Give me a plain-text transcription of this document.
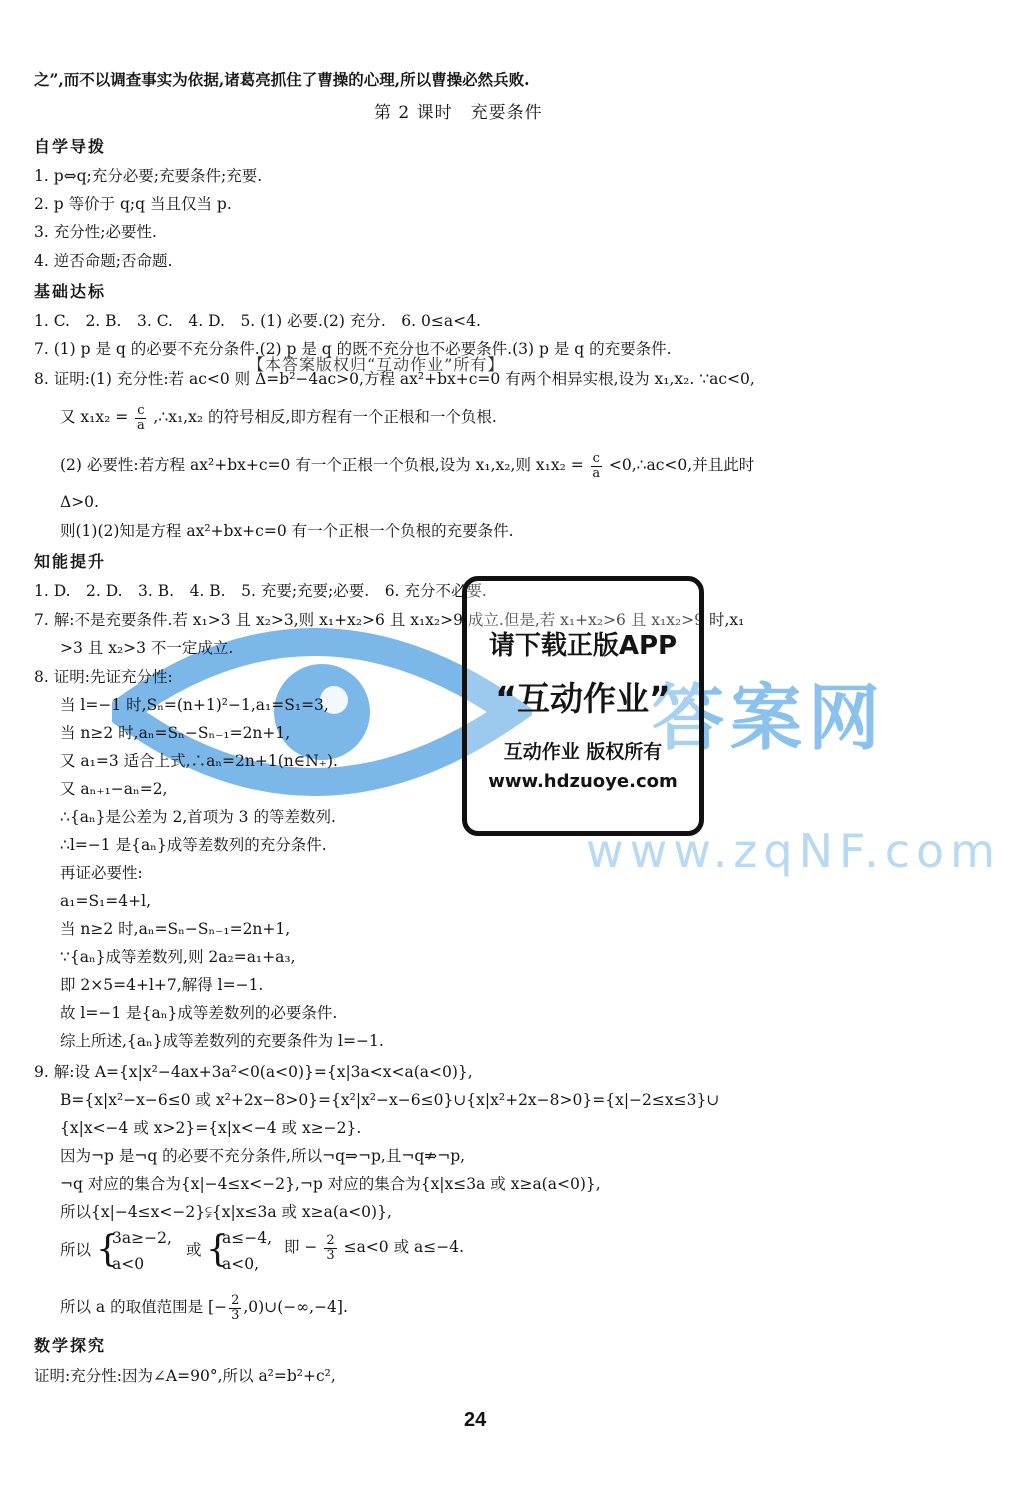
答案网
www.zqNF.com
之”,而不以调查事实为依据,诸葛亮抓住了曹操的心理,所以曹操必然兵败.
第 2 课时　充要条件
自学导拨
1. p⇔q;充分必要;充要条件;充要.
2. p 等价于 q;q 当且仅当 p.
3. 充分性;必要性.
4. 逆否命题;否命题.
基础达标
1. C.　2. B.　3. C.　4. D.　5. (1) 必要.(2) 充分.　6. 0≤a<4.
7. (1) p 是 q 的必要不充分条件.(2) p 是 q 的既不充分也不必要条件.(3) p 是 q 的充要条件.
【本答案版权归“互动作业”所有】
8. 证明:(1) 充分性:若 ac<0 则 Δ=b²−4ac>0,方程 ax²+bx+c=0 有两个相异实根,设为 x₁,x₂. ∵ac<0,
又 $x_1x_2 = \frac{c}{a}$ ,∴x₁,x₂ 的符号相反,即方程有一个正根和一个负根.
(2) 必要性:若方程 ax²+bx+c=0 有一个正根一个负根,设为 x₁,x₂,则 $x_1x_2 = \frac{c}{a}$ <0,∴ac<0,并且此时
Δ>0.
则(1)(2)知是方程 ax²+bx+c=0 有一个正根一个负根的充要条件.
知能提升
1. D.　2. D.　3. B.　4. B.　5. 充要;充要;必要.　6. 充分不必要.
7. 解:不是充要条件.若 x₁>3 且 x₂>3,则 x₁+x₂>6 且 x₁x₂>9 成立.但是,若 x₁+x₂>6 且 x₁x₂>9 时,x₁
>3 且 x₂>3 不一定成立.
8. 证明:先证充分性:
当 l=−1 时,Sₙ=(n+1)²−1,a₁=S₁=3,
当 n≥2 时,aₙ=Sₙ−Sₙ₋₁=2n+1,
又 a₁=3 适合上式,∴aₙ=2n+1(n∈N₊).
又 aₙ₊₁−aₙ=2,
∴{aₙ}是公差为 2,首项为 3 的等差数列.
∴l=−1 是{aₙ}成等差数列的充分条件.
再证必要性:
a₁=S₁=4+l,
当 n≥2 时,aₙ=Sₙ−Sₙ₋₁=2n+1,
∵{aₙ}成等差数列,则 2a₂=a₁+a₃,
即 2×5=4+l+7,解得 l=−1.
故 l=−1 是{aₙ}成等差数列的必要条件.
综上所述,{aₙ}成等差数列的充要条件为 l=−1.
9. 解:设 A={x|x²−4ax+3a²<0(a<0)}={x|3a<x<a(a<0)},
B={x|x²−x−6≤0 或 x²+2x−8>0}={x²|x²−x−6≤0}∪{x|x²+2x−8>0}={x|−2≤x≤3}∪
{x|x<−4 或 x>2}={x|x<−4 或 x≥−2}.
因为¬p 是¬q 的必要不充分条件,所以¬q⇒¬p,且¬q⇏¬p,
¬q 对应的集合为{x|−4≤x<−2},¬p 对应的集合为{x|x≤3a 或 x≥a(a<0)},
所以{x|−4≤x<−2}⫋{x|x≤3a 或 x≥a(a<0)},
所以 {
3a≥−2,
a<0
或 {
a≤−4,
a<0,
即 − $\frac{2}{3} \le a<0$ 或 a≤−4.
所以 a 的取值范围是 [− $\frac{2}{3}$ ,0)∪(−∞,−4].
数学探究
证明:充分性:因为∠A=90°,所以 a²=b²+c²,
24
请下载正版APP
“互动作业”
互动作业 版权所有
www.hdzuoye.com
